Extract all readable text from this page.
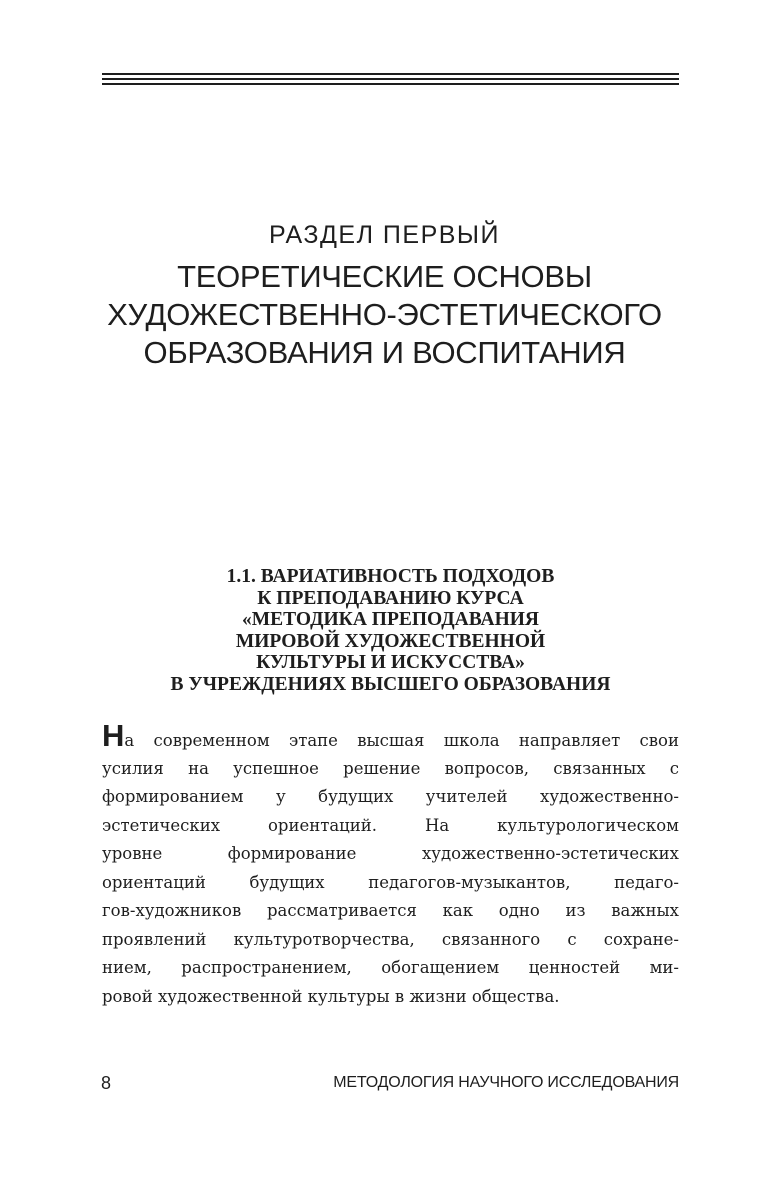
РАЗДЕЛ ПЕРВЫЙ
ТЕОРЕТИЧЕСКИЕ ОСНОВЫ
ХУДОЖЕСТВЕННО-ЭСТЕТИЧЕСКОГО
ОБРАЗОВАНИЯ И ВОСПИТАНИЯ
1.1. ВАРИАТИВНОСТЬ ПОДХОДОВ
К ПРЕПОДАВАНИЮ КУРСА
«МЕТОДИКА ПРЕПОДАВАНИЯ
МИРОВОЙ ХУДОЖЕСТВЕННОЙ
КУЛЬТУРЫ И ИСКУССТВА»
В УЧРЕЖДЕНИЯХ ВЫСШЕГО ОБРАЗОВАНИЯ
На современном этапе высшая школа направляет свои
усилия на успешное решение вопросов, связанных с
формированием у будущих учителей художественно-
эстетических ориентаций. На культурологическом
уровне формирование художественно-эстетических
ориентаций будущих педагогов-музыкантов, педаго-
гов-художников рассматривается как одно из важных
проявлений культуротворчества, связанного с сохране-
нием, распространением, обогащением ценностей ми-
ровой художественной культуры в жизни общества.
8	МЕТОДОЛОГИЯ НАУЧНОГО ИССЛЕДОВАНИЯ
